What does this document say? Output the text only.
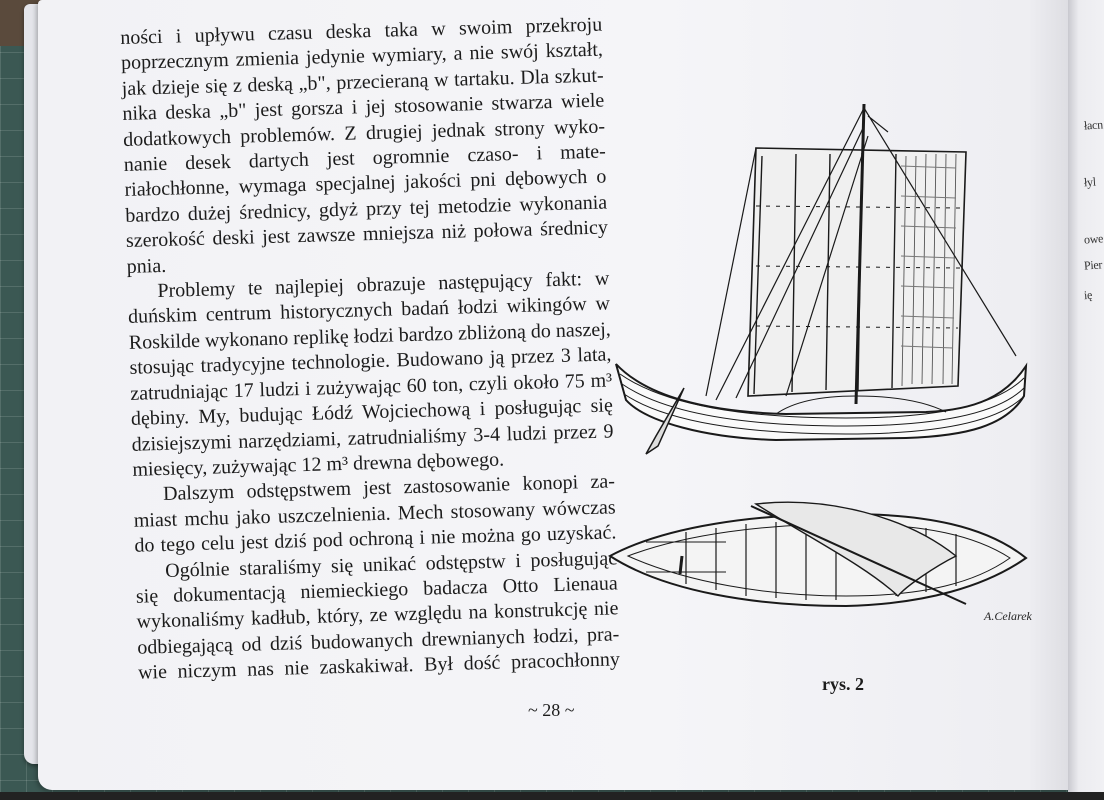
łacn
łyl
owe
Pier
ię
ności i upływu czasu deska taka w swoim przekroju
poprzecznym zmienia jedynie wymiary, a nie swój kształt,
jak dzieje się z deską „b", przecieraną w tartaku. Dla szkut-
nika deska „b" jest gorsza i jej stosowanie stwarza wiele
dodatkowych problemów. Z drugiej jednak strony wyko-
nanie desek dartych jest ogromnie czaso- i mate-
riałochłonne, wymaga specjalnej jakości pni dębowych o
bardzo dużej średnicy, gdyż przy tej metodzie wykonania
szerokość deski jest zawsze mniejsza niż połowa średnicy
pnia.
Problemy te najlepiej obrazuje następujący fakt: w
duńskim centrum historycznych badań łodzi wikingów w
Roskilde wykonano replikę łodzi bardzo zbliżoną do naszej,
stosując tradycyjne technologie. Budowano ją przez 3 lata,
zatrudniając 17 ludzi i zużywając 60 ton, czyli około 75 m³
dębiny. My, budując Łódź Wojciechową i posługując się
dzisiejszymi narzędziami, zatrudnialiśmy 3-4 ludzi przez 9
miesięcy, zużywając 12 m³ drewna dębowego.
Dalszym odstępstwem jest zastosowanie konopi za-
miast mchu jako uszczelnienia. Mech stosowany wówczas
do tego celu jest dziś pod ochroną i nie można go uzyskać.
Ogólnie staraliśmy się unikać odstępstw i posługując
się dokumentacją niemieckiego badacza Otto Lienaua
wykonaliśmy kadłub, który, ze względu na konstrukcję nie
odbiegającą od dziś budowanych drewnianych łodzi, pra-
wie niczym nas nie zaskakiwał. Był dość pracochłonny
A.Celarek
rys. 2
~ 28 ~
